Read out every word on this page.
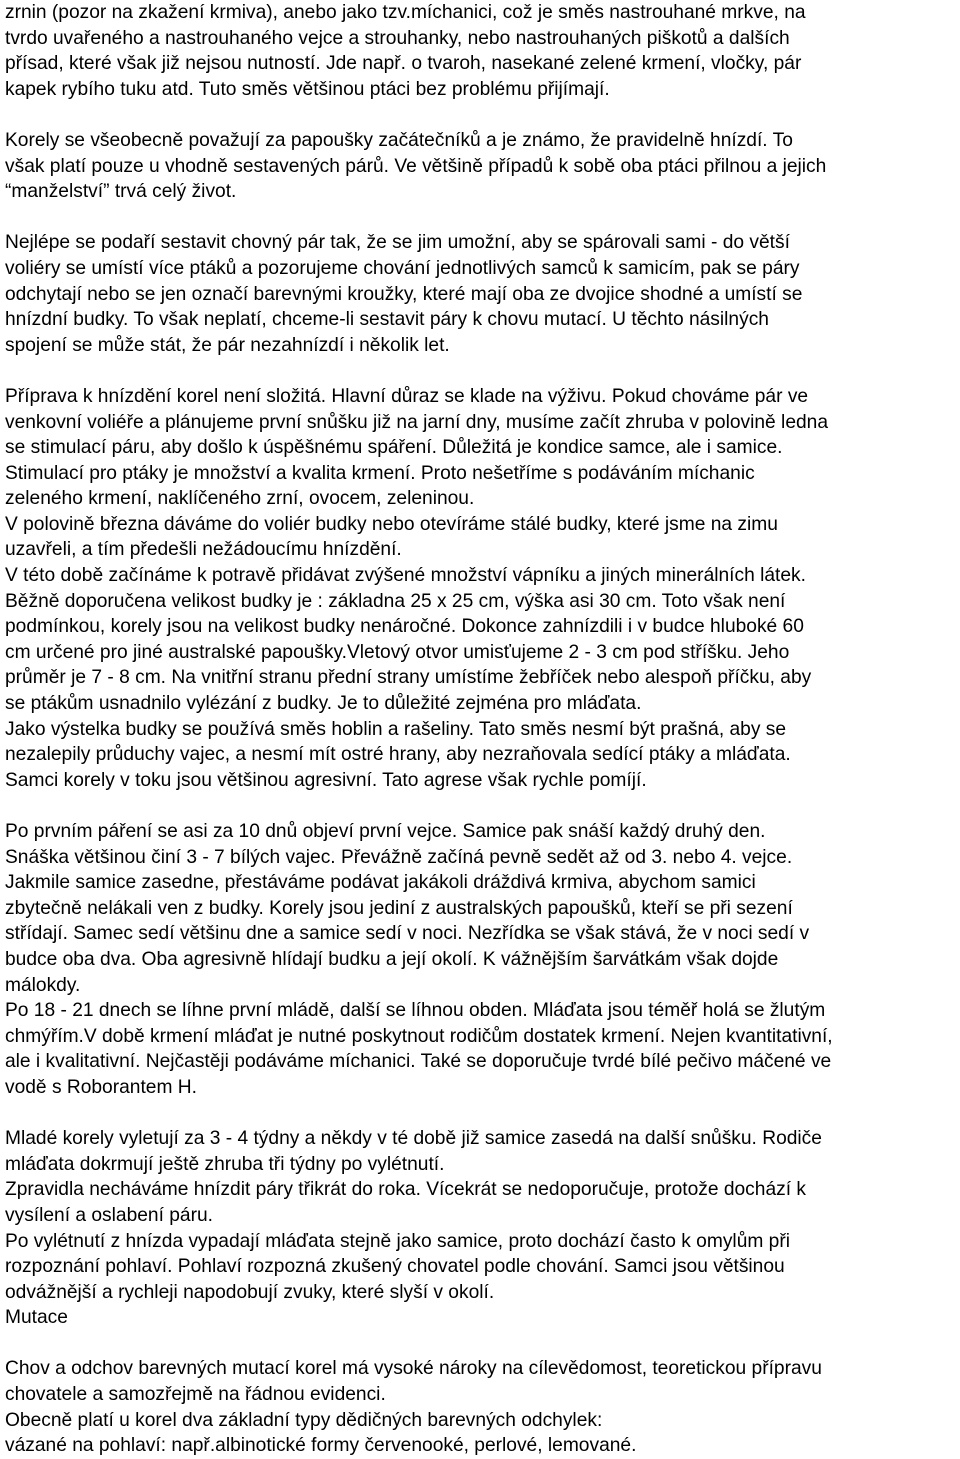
zrnin (pozor na zkažení krmiva), anebo jako tzv.míchanici, což je směs nastrouhané mrkve, na
tvrdo uvařeného a nastrouhaného vejce a strouhanky, nebo nastrouhaných piškotů a dalších
přísad, které však již nejsou nutností. Jde např. o tvaroh, nasekané zelené krmení, vločky, pár
kapek rybího tuku atd. Tuto směs většinou ptáci bez problému přijímají.
Korely se všeobecně považují za papoušky začátečníků a je známo, že pravidelně hnízdí. To
však platí pouze u vhodně sestavených párů. Ve většině případů k sobě oba ptáci přilnou a jejich
“manželství” trvá celý život.
Nejlépe se podaří sestavit chovný pár tak, že se jim umožní, aby se spárovali sami - do větší
voliéry se umístí více ptáků a pozorujeme chování jednotlivých samců k samicím, pak se páry
odchytají nebo se jen označí barevnými kroužky, které mají oba ze dvojice shodné a umístí se
hnízdní budky. To však neplatí, chceme-li sestavit páry k chovu mutací. U těchto násilných
spojení se může stát, že pár nezahnízdí i několik let.
Příprava k hnízdění korel není složitá. Hlavní důraz se klade na výživu. Pokud chováme pár ve
venkovní voliéře a plánujeme první snůšku již na jarní dny, musíme začít zhruba v polovině ledna
se stimulací páru, aby došlo k úspěšnému spáření. Důležitá je kondice samce, ale i samice.
Stimulací pro ptáky je množství a kvalita krmení. Proto nešetříme s podáváním míchanic
zeleného krmení, naklíčeného zrní, ovocem, zeleninou.
V polovině března dáváme do voliér budky nebo otevíráme stálé budky, které jsme na zimu
uzavřeli, a tím předešli nežádoucímu hnízdění.
V této době začínáme k potravě přidávat zvýšené množství vápníku a jiných minerálních látek.
Běžně doporučena velikost budky je : základna 25 x 25 cm, výška asi 30 cm. Toto však není
podmínkou, korely jsou na velikost budky nenáročné. Dokonce zahnízdili i v budce hluboké 60
cm určené pro jiné australské papoušky.Vletový otvor umisťujeme 2 - 3 cm pod stříšku. Jeho
průměr je 7 - 8 cm. Na vnitřní stranu přední strany umístíme žebříček nebo alespoň příčku, aby
se ptákům usnadnilo vylézání z budky. Je to důležité zejména pro mláďata.
Jako výstelka budky se používá směs hoblin a rašeliny. Tato směs nesmí být prašná, aby se
nezalepily průduchy vajec, a nesmí mít ostré hrany, aby nezraňovala sedící ptáky a mláďata.
Samci korely v toku jsou většinou agresivní. Tato agrese však rychle pomíjí.
Po prvním páření se asi za 10 dnů objeví první vejce. Samice pak snáší každý druhý den.
Snáška většinou činí 3 - 7 bílých vajec. Převážně začíná pevně sedět až od 3. nebo 4. vejce.
Jakmile samice zasedne, přestáváme podávat jakákoli dráždivá krmiva, abychom samici
zbytečně nelákali ven z budky. Korely jsou jediní z australských papoušků, kteří se při sezení
střídají. Samec sedí většinu dne a samice sedí v noci. Nezřídka se však stává, že v noci sedí v
budce oba dva. Oba agresivně hlídají budku a její okolí. K vážnějším šarvátkám však dojde
málokdy.
Po 18 - 21 dnech se líhne první mládě, další se líhnou obden. Mláďata jsou téměř holá se žlutým
chmýřím.V době krmení mláďat je nutné poskytnout rodičům dostatek krmení. Nejen kvantitativní,
ale i kvalitativní. Nejčastěji podáváme míchanici. Také se doporučuje tvrdé bílé pečivo máčené ve
vodě s Roborantem H.
Mladé korely vyletují za 3 - 4 týdny a někdy v té době již samice zasedá na další snůšku. Rodiče
mláďata dokrmují ještě zhruba tři týdny po vylétnutí.
Zpravidla necháváme hnízdit páry třikrát do roka. Vícekrát se nedoporučuje, protože dochází k
vysílení a oslabení páru.
Po vylétnutí z hnízda vypadají mláďata stejně jako samice, proto dochází často k omylům při
rozpoznání pohlaví. Pohlaví rozpozná zkušený chovatel podle chování. Samci jsou většinou
odvážnější a rychleji napodobují zvuky, které slyší v okolí.
Mutace
Chov a odchov barevných mutací korel má vysoké nároky na cílevědomost, teoretickou přípravu
chovatele a samozřejmě na řádnou evidenci.
Obecně platí u korel dva základní typy dědičných barevných odchylek:
vázané na pohlaví: např.albinotické formy červenooké, perlové, lemované.
